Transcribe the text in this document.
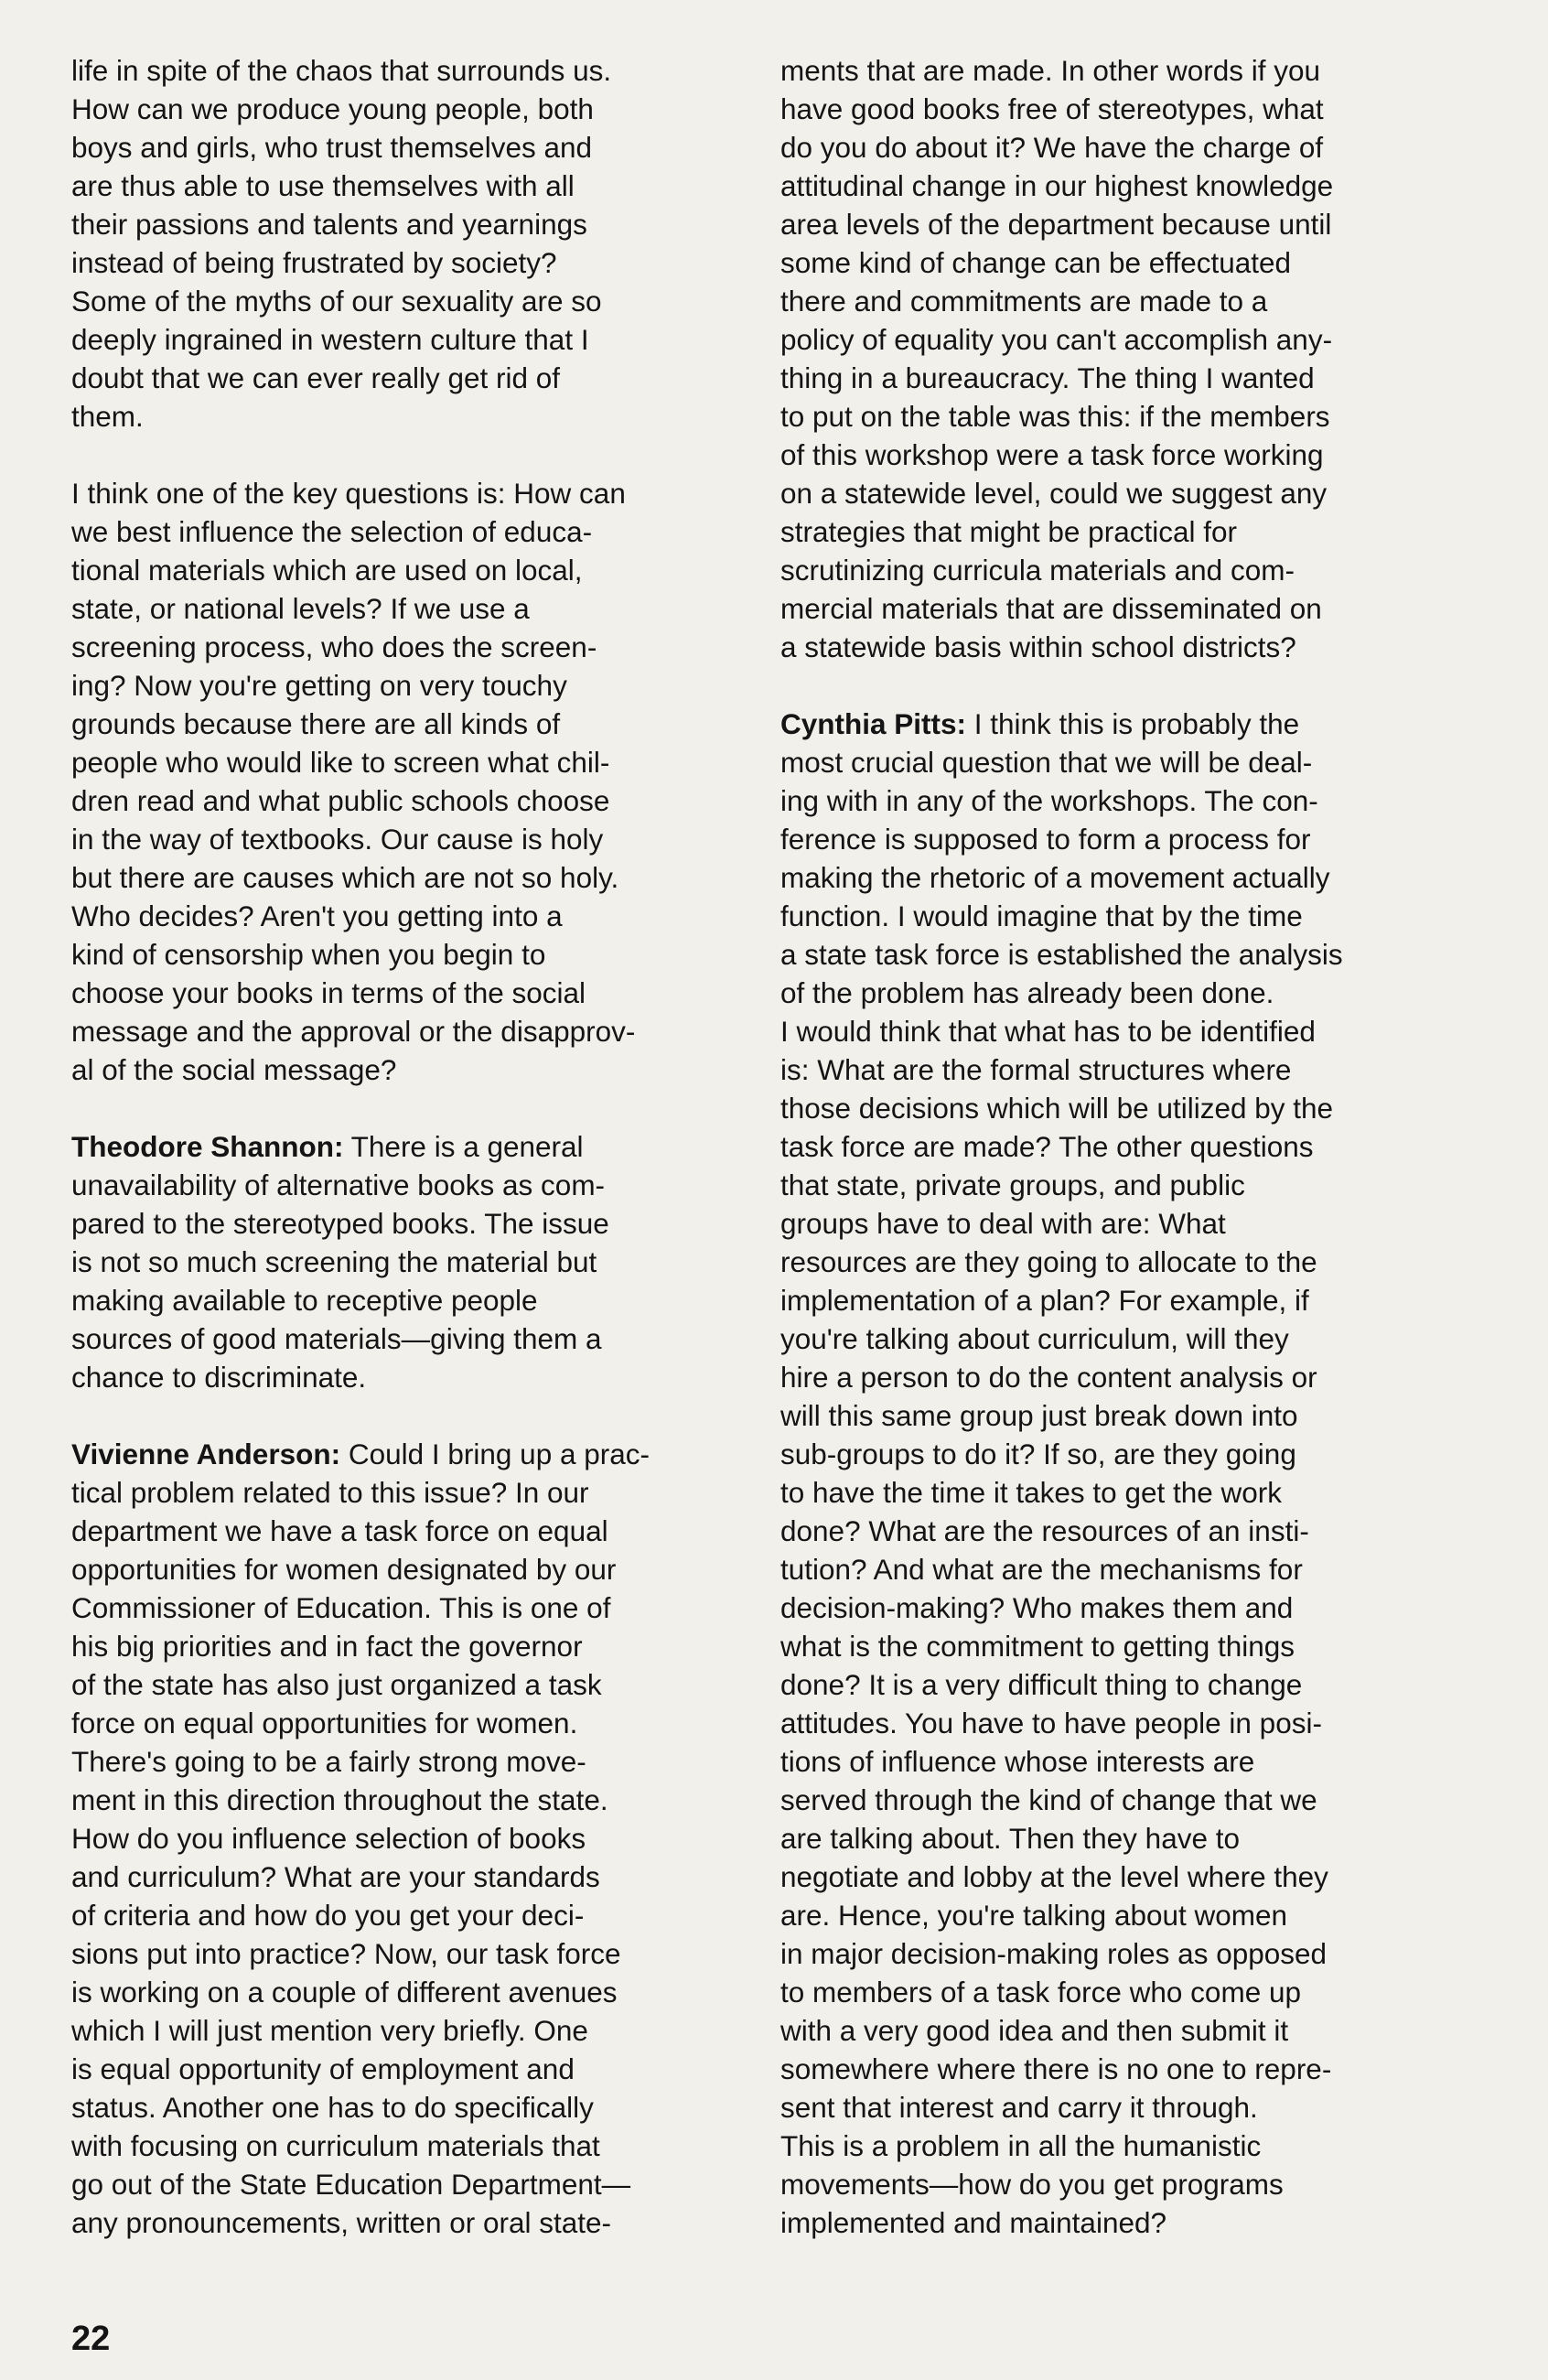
life in spite of the chaos that surrounds us.
How can we produce young people, both
boys and girls, who trust themselves and
are thus able to use themselves with all
their passions and talents and yearnings
instead of being frustrated by society?
Some of the myths of our sexuality are so
deeply ingrained in western culture that I
doubt that we can ever really get rid of
them.
I think one of the key questions is: How can
we best influence the selection of educa-
tional materials which are used on local,
state, or national levels? If we use a
screening process, who does the screen-
ing? Now you're getting on very touchy
grounds because there are all kinds of
people who would like to screen what chil-
dren read and what public schools choose
in the way of textbooks. Our cause is holy
but there are causes which are not so holy.
Who decides? Aren't you getting into a
kind of censorship when you begin to
choose your books in terms of the social
message and the approval or the disapprov-
al of the social message?
Theodore Shannon: There is a general
unavailability of alternative books as com-
pared to the stereotyped books. The issue
is not so much screening the material but
making available to receptive people
sources of good materials—giving them a
chance to discriminate.
Vivienne Anderson: Could I bring up a prac-
tical problem related to this issue? In our
department we have a task force on equal
opportunities for women designated by our
Commissioner of Education. This is one of
his big priorities and in fact the governor
of the state has also just organized a task
force on equal opportunities for women.
There's going to be a fairly strong move-
ment in this direction throughout the state.
How do you influence selection of books
and curriculum? What are your standards
of criteria and how do you get your deci-
sions put into practice? Now, our task force
is working on a couple of different avenues
which I will just mention very briefly. One
is equal opportunity of employment and
status. Another one has to do specifically
with focusing on curriculum materials that
go out of the State Education Department—
any pronouncements, written or oral state-
ments that are made. In other words if you
have good books free of stereotypes, what
do you do about it? We have the charge of
attitudinal change in our highest knowledge
area levels of the department because until
some kind of change can be effectuated
there and commitments are made to a
policy of equality you can't accomplish any-
thing in a bureaucracy. The thing I wanted
to put on the table was this: if the members
of this workshop were a task force working
on a statewide level, could we suggest any
strategies that might be practical for
scrutinizing curricula materials and com-
mercial materials that are disseminated on
a statewide basis within school districts?
Cynthia Pitts: I think this is probably the
most crucial question that we will be deal-
ing with in any of the workshops. The con-
ference is supposed to form a process for
making the rhetoric of a movement actually
function. I would imagine that by the time
a state task force is established the analysis
of the problem has already been done.
I would think that what has to be identified
is: What are the formal structures where
those decisions which will be utilized by the
task force are made? The other questions
that state, private groups, and public
groups have to deal with are: What
resources are they going to allocate to the
implementation of a plan? For example, if
you're talking about curriculum, will they
hire a person to do the content analysis or
will this same group just break down into
sub-groups to do it? If so, are they going
to have the time it takes to get the work
done? What are the resources of an insti-
tution? And what are the mechanisms for
decision-making? Who makes them and
what is the commitment to getting things
done? It is a very difficult thing to change
attitudes. You have to have people in posi-
tions of influence whose interests are
served through the kind of change that we
are talking about. Then they have to
negotiate and lobby at the level where they
are. Hence, you're talking about women
in major decision-making roles as opposed
to members of a task force who come up
with a very good idea and then submit it
somewhere where there is no one to repre-
sent that interest and carry it through.
This is a problem in all the humanistic
movements—how do you get programs
implemented and maintained?
22
